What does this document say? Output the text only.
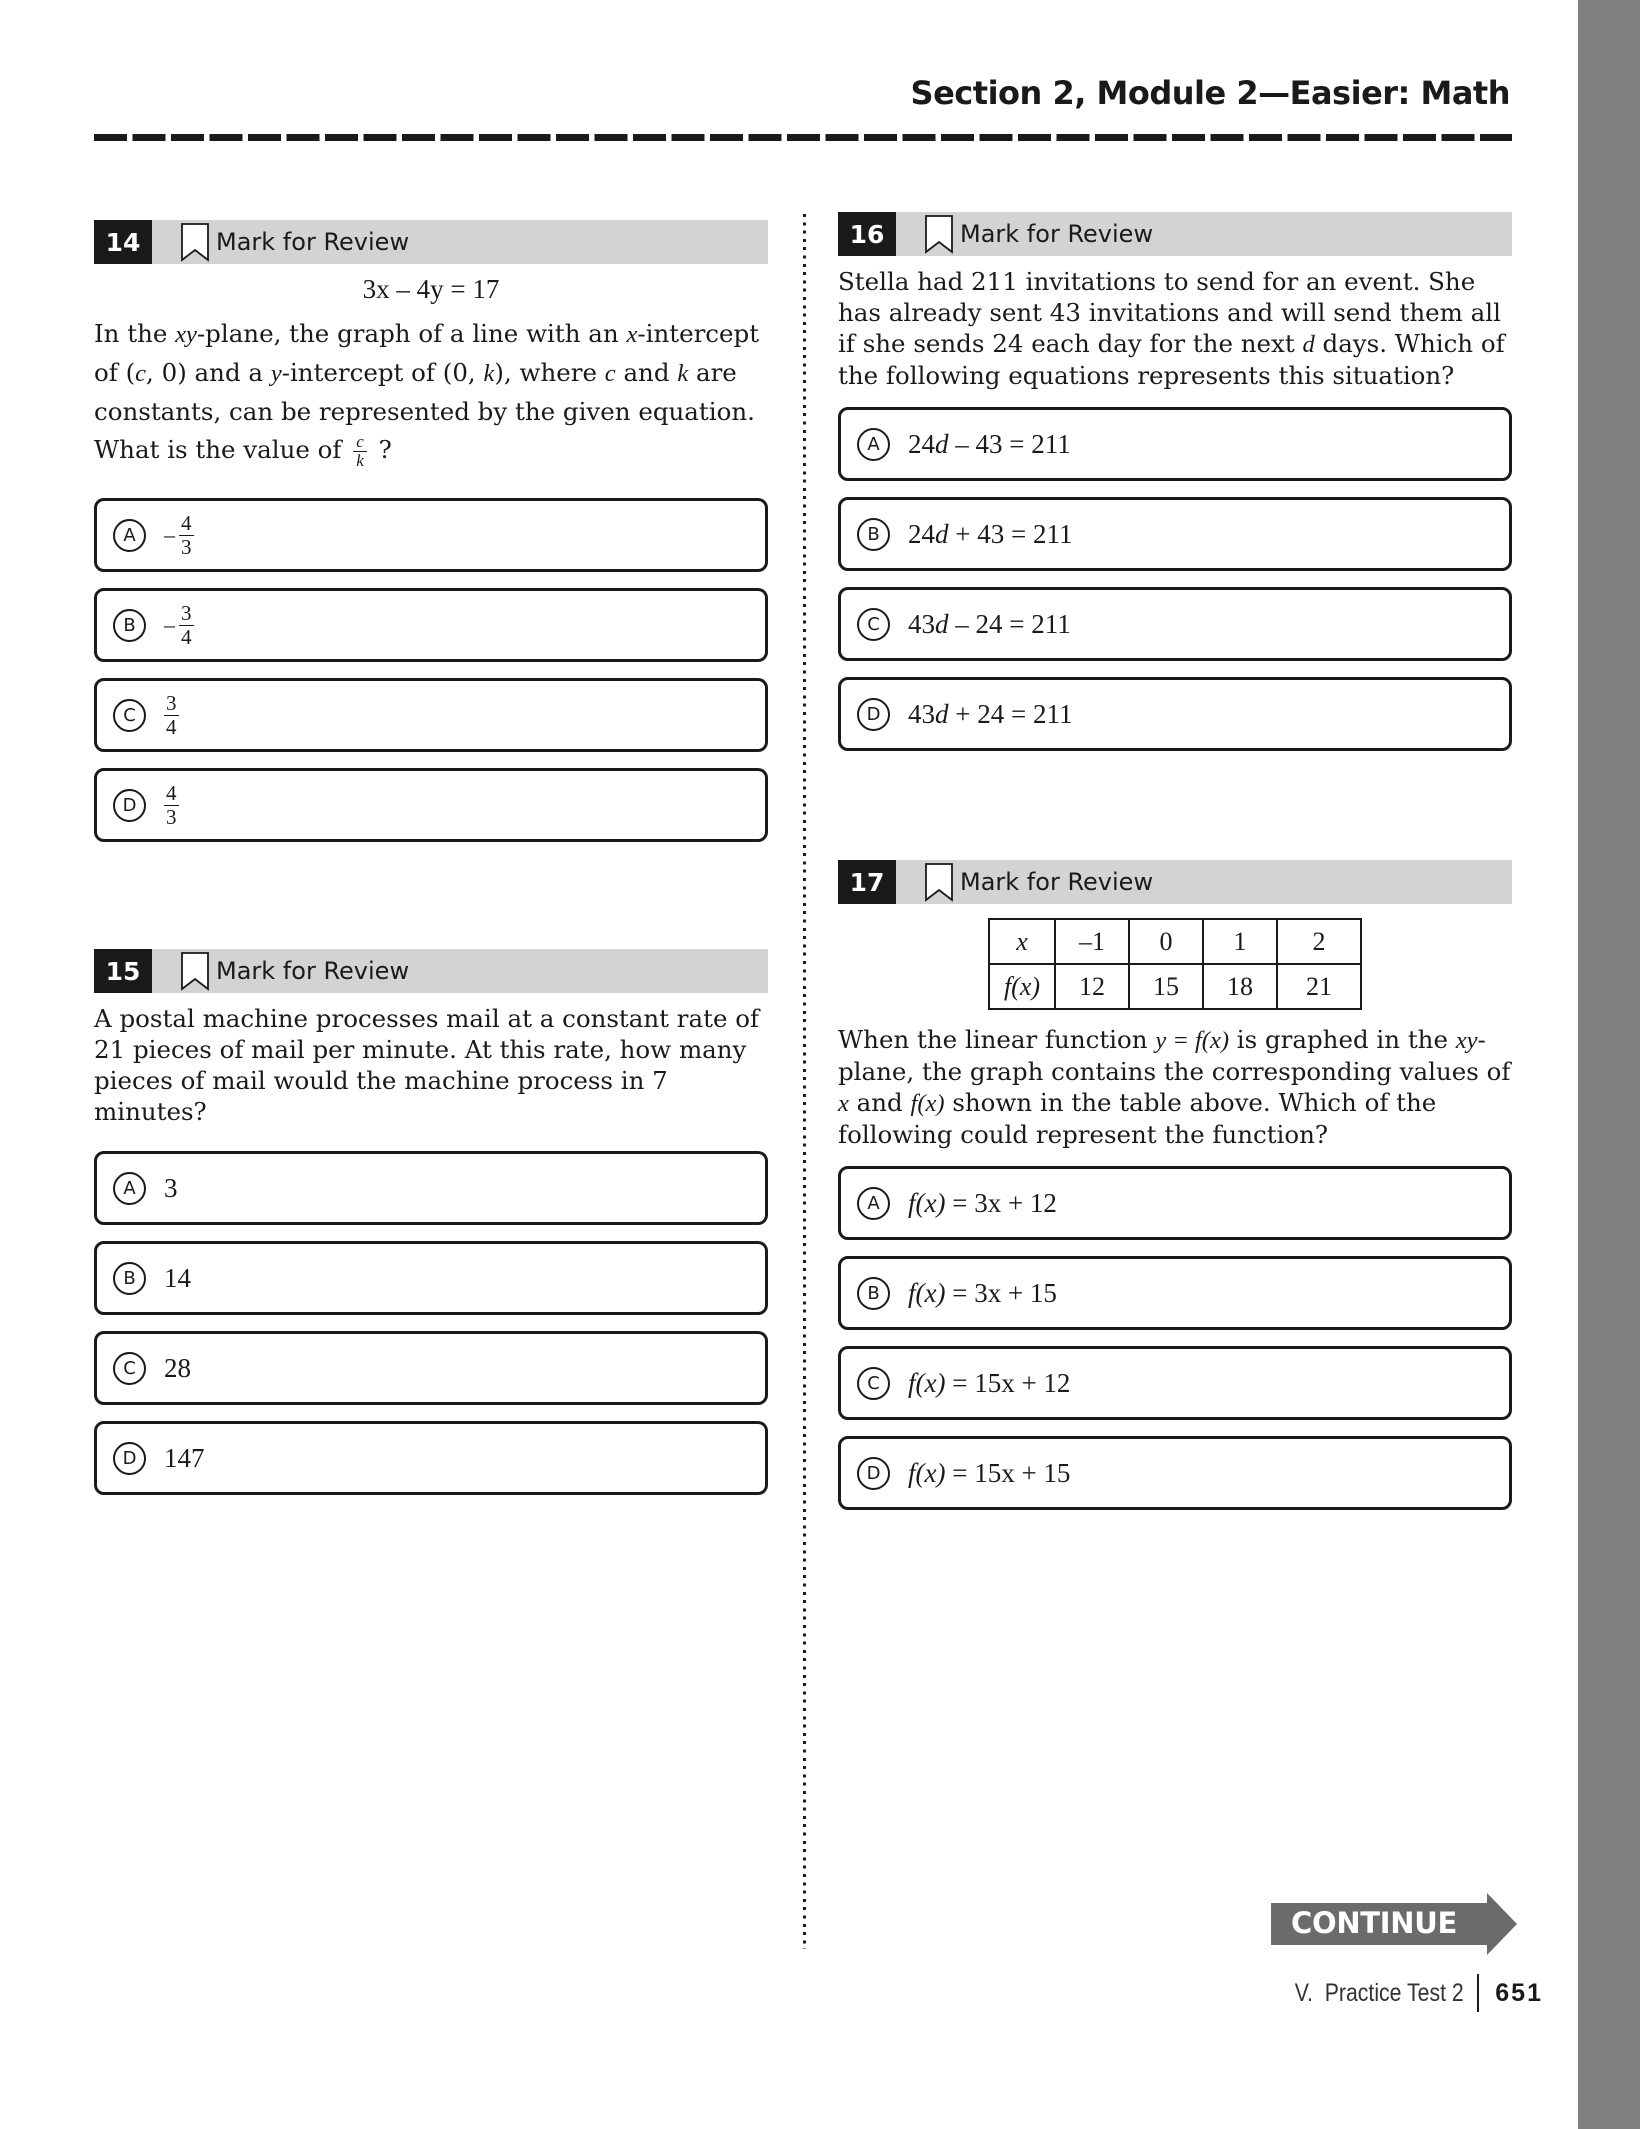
Section 2, Module 2—Easier: Math
14	Mark for Review
3x – 4y = 17
In the xy-plane, the graph of a line with an x-intercept of (c, 0) and a y-intercept of (0, k), where c and k are constants, can be represented by the given equation. What is the value of $\frac{c}{k}$ ?
A	– $\frac{4}{3}$
B	– $\frac{3}{4}$
C	$\frac{3}{4}$
D	$\frac{4}{3}$
15	Mark for Review
A postal machine processes mail at a constant rate of 21 pieces of mail per minute. At this rate, how many pieces of mail would the machine process in 7 minutes?
A	3
B	14
C	28
D	147
16	Mark for Review
Stella had 211 invitations to send for an event. She has already sent 43 invitations and will send them all if she sends 24 each day for the next d days. Which of the following equations represents this situation?
A	24 d – 43 = 211
B	24 d + 43 = 211
C	43 d – 24 = 211
D	43 d + 24 = 211
17	Mark for Review
x	–1	0	1	2
f(x)	12	15	18	21
When the linear function y = f(x) is graphed in the xy-plane, the graph contains the corresponding values of x and f(x) shown in the table above. Which of the following could represent the function?
A	f(x) = 3x + 12
B	f(x) = 3x + 15
C	f(x) = 15x + 12
D	f(x) = 15x + 15
CONTINUE
V.  Practice Test 2 651
